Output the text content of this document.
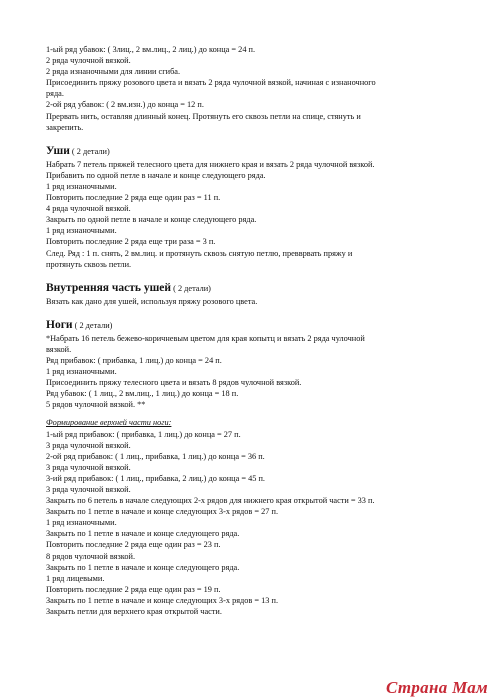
1-ый ряд убавок: ( 3лиц., 2 вм.лиц., 2 лиц.) до конца = 24 п.
2 ряда чулочной вязкой.
2 ряда изнаночными для линии сгиба.
Присоединить пряжу розового цвета и вязать 2 ряда чулочной вязкой, начиная с изнаночного
ряда.
2-ой ряд убавок: ( 2 вм.изн.) до конца = 12 п.
Прервать нить, оставляя длинный конец. Протянуть его сквозь петли на спице, стянуть и
закрепить.
Уши ( 2 детали)
Набрать 7 петель пряжей телесного цвета для нижнего края и вязать 2 ряда чулочной вязкой.
Прибавить по одной петле в начале и конце следующего ряда.
1 ряд изнаночными.
Повторить последние 2 ряда еще один раз = 11 п.
4 ряда чулочной вязкой.
Закрыть по одной петле в начале и конце следующего ряда.
1 ряд изнаночными.
Повторить последние 2 ряда еще три раза = 3 п.
След. Ряд : 1 п. снять, 2 вм.лиц. и протянуть сквозь снятую петлю, превврвать пряжу и
протянуть сквозь петли.
Внутренняя часть ушей ( 2 детали)
Вязать как дано для ушей, используя пряжу розового цвета.
Ноги ( 2 детали)
*Набрать 16 петель бежево-коричневым цветом для края копытц и вязать 2 ряда чулочной
вязкой.
Ряд прибавок: ( прибавка, 1 лиц.) до конца = 24 п.
1 ряд изнаночными.
Присоединить пряжу телесного цвета и вязать 8 рядов чулочной вязкой.
Ряд убавок: ( 1 лиц., 2 вм.лиц., 1 лиц.) до конца = 18 п.
5 рядов чулочной вязкой. **
Формирование верхней части ноги:
1-ый ряд прибавок: ( прибавка, 1 лиц.) до конца = 27 п.
3 ряда чулочной вязкой.
2-ой ряд прибавок: ( 1 лиц., прибавка, 1 лиц.) до конца = 36 п.
3 ряда чулочной вязкой.
3-ий ряд прибавок: ( 1 лиц., прибавка, 2 лиц.) до конца = 45 п.
3 ряда чулочной вязкой.
Закрыть по 6 петель в начале следующих 2-х рядов для нижнего края открытой части = 33 п.
Закрыть по 1 петле в начале и конце следующих 3-х рядов = 27 п.
1 ряд изнаночными.
Закрыть по 1 петле в начале и конце следующего ряда.
Повторить последние 2 ряда еще один раз = 23 п.
8 рядов чулочной вязкой.
Закрыть по 1 петле в начале и конце следующего ряда.
1 ряд лицевыми.
Повторить последние 2 ряда еще один раз = 19 п.
Закрыть по 1 петле в начале и конце следующих 3-х рядов = 13 п.
Закрыть петли для верхнего края открытой части.
Страна Мам
